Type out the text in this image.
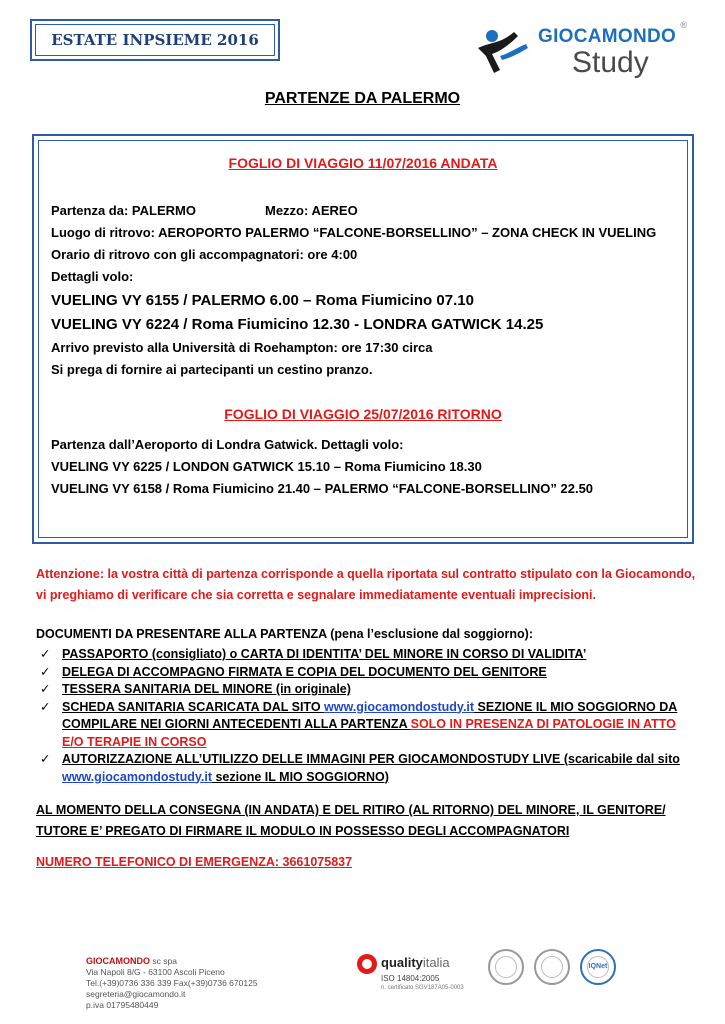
ESTATE INPSIEME 2016	GIOCAMONDO
Study
®
PARTENZE DA PALERMO
FOGLIO DI VIAGGIO 11/07/2016 ANDATA
Partenza da: PALERMO	Mezzo: AEREO
Luogo di ritrovo: AEROPORTO PALERMO “FALCONE-BORSELLINO” – ZONA CHECK IN VUELING
Orario di ritrovo con gli accompagnatori: ore 4:00
Dettagli volo:
VUELING VY 6155 / PALERMO 6.00 – Roma Fiumicino 07.10
VUELING VY 6224 / Roma Fiumicino 12.30 - LONDRA GATWICK 14.25
Arrivo previsto alla Università di Roehampton: ore 17:30 circa
Si prega di fornire ai partecipanti un cestino pranzo.
FOGLIO DI VIAGGIO 25/07/2016 RITORNO
Partenza dall’Aeroporto di Londra Gatwick. Dettagli volo:
VUELING VY 6225 / LONDON GATWICK 15.10 – Roma Fiumicino 18.30
VUELING VY 6158 / Roma Fiumicino 21.40 – PALERMO “FALCONE-BORSELLINO” 22.50
Attenzione: la vostra città di partenza corrisponde a quella riportata sul contratto stipulato con la Giocamondo, vi preghiamo di verificare che sia corretta e segnalare immediatamente eventuali imprecisioni.
DOCUMENTI DA PRESENTARE ALLA PARTENZA (pena l’esclusione dal soggiorno):
✓ PASSAPORTO (consigliato) o CARTA DI IDENTITA’ DEL MINORE IN CORSO DI VALIDITA’
✓ DELEGA DI ACCOMPAGNO FIRMATA E COPIA DEL DOCUMENTO DEL GENITORE
✓ TESSERA SANITARIA DEL MINORE (in originale)
✓ SCHEDA SANITARIA SCARICATA DAL SITO www.giocamondostudy.it SEZIONE IL MIO SOGGIORNO DA COMPILARE NEI GIORNI ANTECEDENTI ALLA PARTENZA SOLO IN PRESENZA DI PATOLOGIE IN ATTO E/O TERAPIE IN CORSO
✓ AUTORIZZAZIONE ALL’UTILIZZO DELLE IMMAGINI PER GIOCAMONDOSTUDY LIVE (scaricabile dal sito www.giocamondostudy.it sezione IL MIO SOGGIORNO)
AL MOMENTO DELLA CONSEGNA (IN ANDATA) E DEL RITIRO (AL RITORNO) DEL MINORE, IL GENITORE/ TUTORE E’ PREGATO DI FIRMARE IL MODULO IN POSSESSO DEGLI ACCOMPAGNATORI
NUMERO TELEFONICO DI EMERGENZA: 3661075837
GIOCAMONDO sc spa
Via Napoli 8/G - 63100 Ascoli Piceno
Tel.(+39)0736 336 339 Fax(+39)0736 670125
segreteria@giocamondo.it
p.iva 01795480449
qualityitalia
ISO 14804:2005
n. certificato SGV187A05-0003
IQNet
